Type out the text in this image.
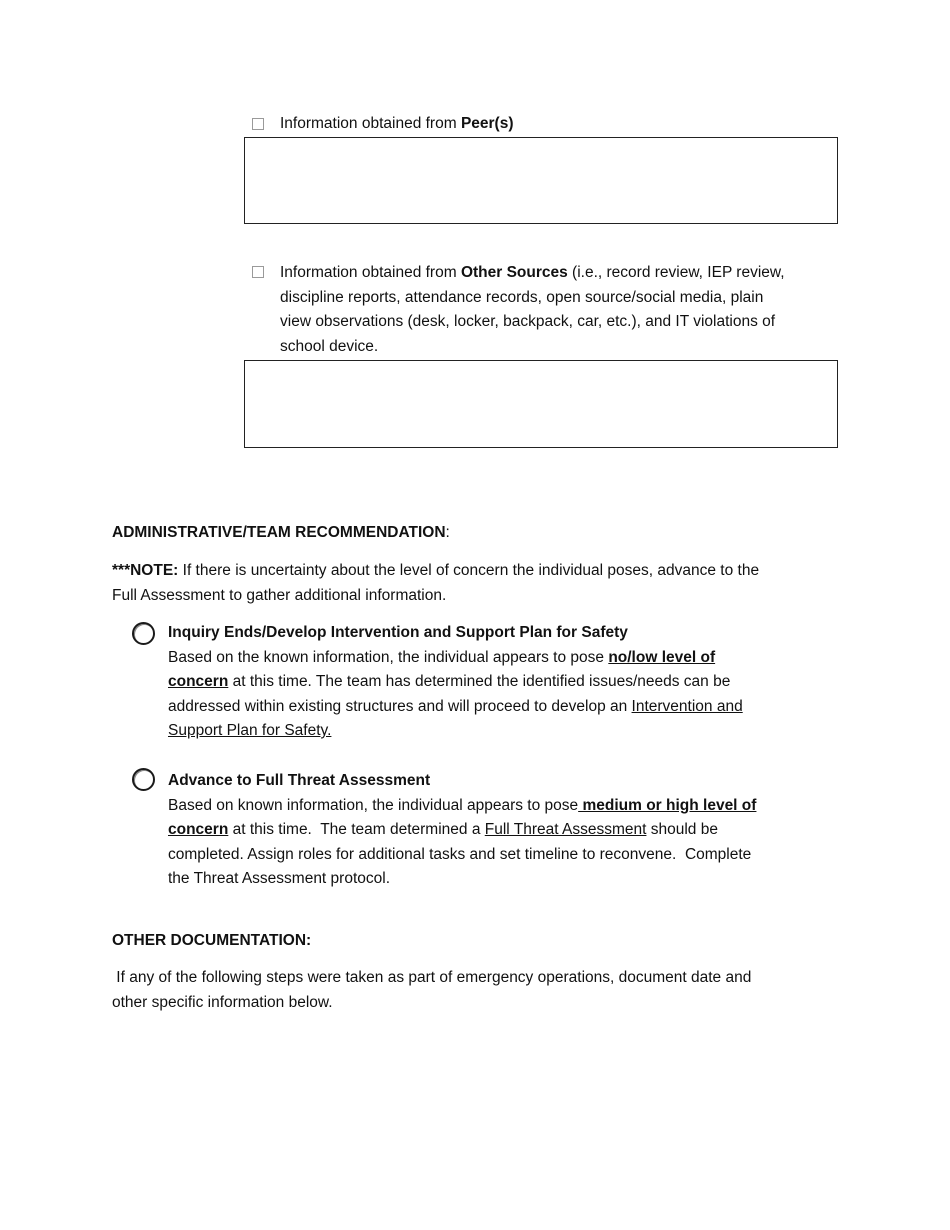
Information obtained from Peer(s)
Information obtained from Other Sources (i.e., record review, IEP review,
discipline reports, attendance records, open source/social media, plain
view observations (desk, locker, backpack, car, etc.), and IT violations of
school device.
ADMINISTRATIVE/TEAM RECOMMENDATION:
***NOTE: If there is uncertainty about the level of concern the individual poses, advance to the
Full Assessment to gather additional information.
Inquiry Ends/Develop Intervention and Support Plan for Safety
Based on the known information, the individual appears to pose no/low level of
concern at this time. The team has determined the identified issues/needs can be
addressed within existing structures and will proceed to develop an Intervention and
Support Plan for Safety.
Advance to Full Threat Assessment
Based on known information, the individual appears to pose medium or high level of
concern at this time.  The team determined a Full Threat Assessment should be
completed. Assign roles for additional tasks and set timeline to reconvene.  Complete
the Threat Assessment protocol.
OTHER DOCUMENTATION:
If any of the following steps were taken as part of emergency operations, document date and
other specific information below.
